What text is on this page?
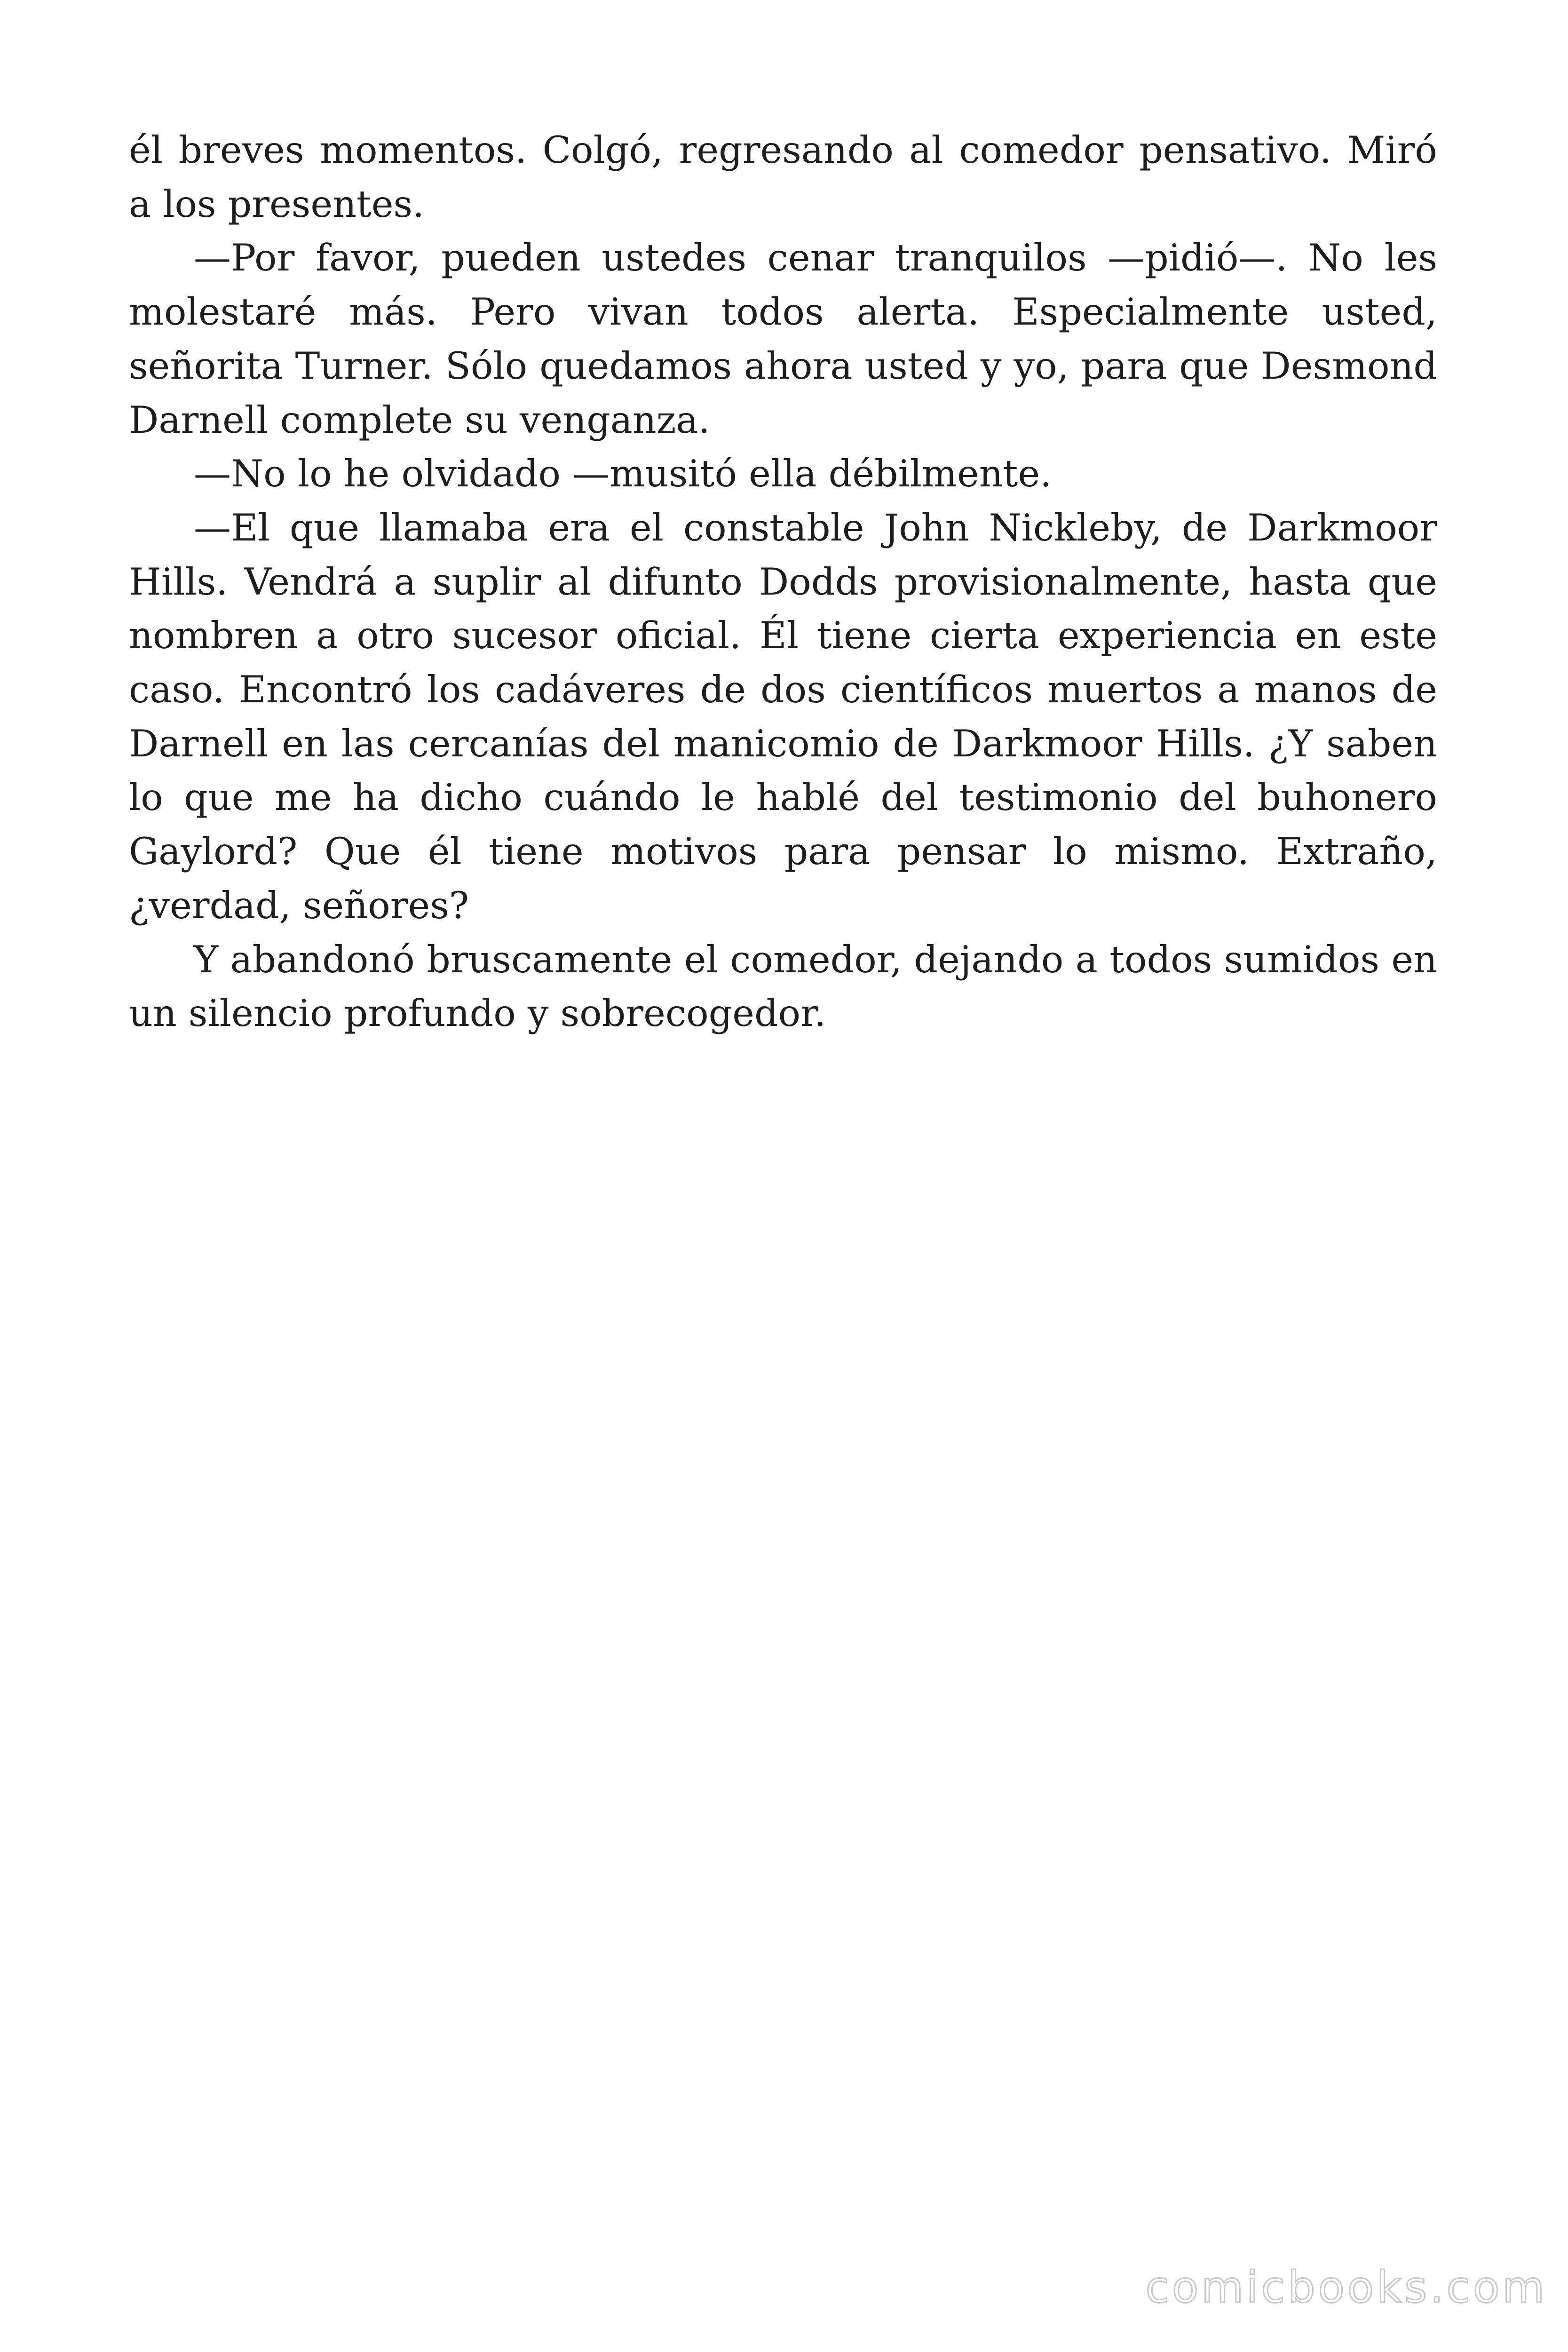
él breves momentos. Colgó, regresando al comedor pensativo. Miró a los presentes.

—Por favor, pueden ustedes cenar tranquilos —pidió—. No les molestaré más. Pero vivan todos alerta. Especialmente usted, señorita Turner. Sólo quedamos ahora usted y yo, para que Desmond Darnell complete su venganza.

—No lo he olvidado —musitó ella débilmente.

—El que llamaba era el constable John Nickleby, de Darkmoor Hills. Vendrá a suplir al difunto Dodds provisionalmente, hasta que nombren a otro sucesor oficial. Él tiene cierta experiencia en este caso. Encontró los cadáveres de dos científicos muertos a manos de Darnell en las cercanías del manicomio de Darkmoor Hills. ¿Y saben lo que me ha dicho cuándo le hablé del testimonio del buhonero Gaylord? Que él tiene motivos para pensar lo mismo. Extraño, ¿verdad, señores?

Y abandonó bruscamente el comedor, dejando a todos sumidos en un silencio profundo y sobrecogedor.

comicbooks.com
